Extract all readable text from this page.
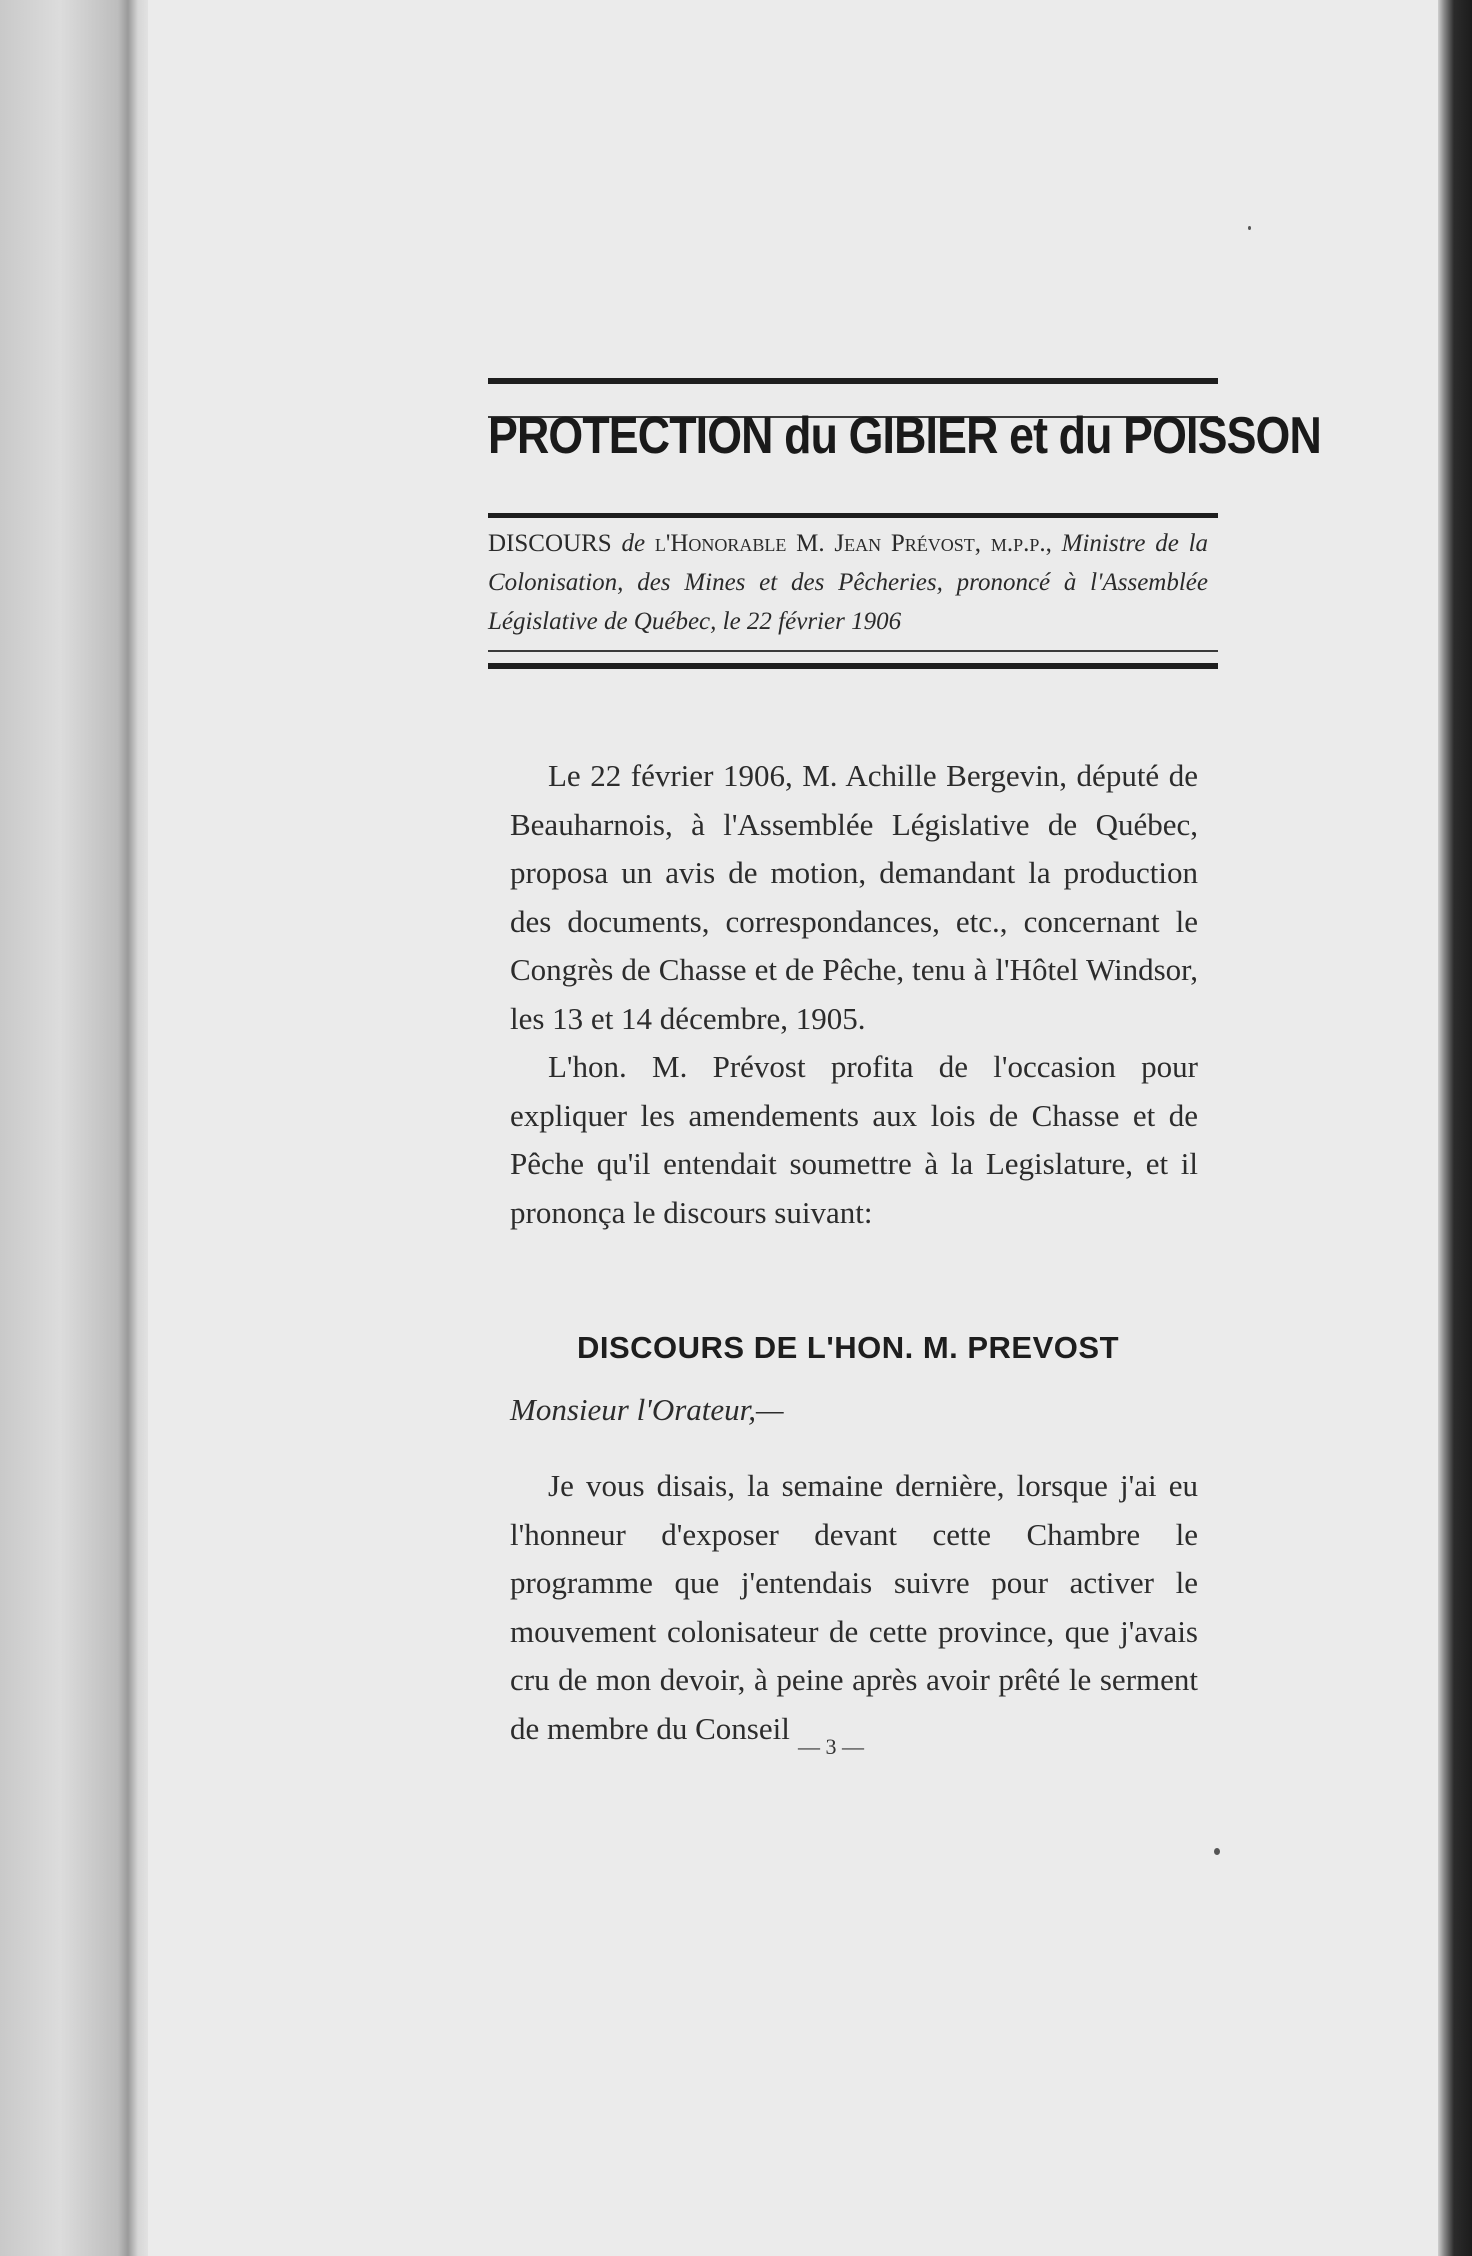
PROTECTION du GIBIER et du POISSON
DISCOURS de l'Honorable M. Jean Prévost, m.p.p., Ministre de la Colonisation, des Mines et des Pêcheries, prononcé à l'Assemblée Législative de Québec, le 22 février 1906

Le 22 février 1906, M. Achille Bergevin, député de Beauharnois, à l'Assemblée Législative de Québec, proposa un avis de motion, demandant la production des documents, correspondances, etc., concernant le Congrès de Chasse et de Pêche, tenu à l'Hôtel Windsor, les 13 et 14 décembre, 1905.

L'hon. M. Prévost profita de l'occasion pour expliquer les amendements aux lois de Chasse et de Pêche qu'il entendait soumettre à la Legislature, et il prononça le discours suivant:

DISCOURS DE L'HON. M. PREVOST
Monsieur l'Orateur,—

Je vous disais, la semaine dernière, lorsque j'ai eu l'honneur d'exposer devant cette Chambre le programme que j'entendais suivre pour activer le mouvement colonisateur de cette province, que j'avais cru de mon devoir, à peine après avoir prêté le serment de membre du Conseil

— 3 —
